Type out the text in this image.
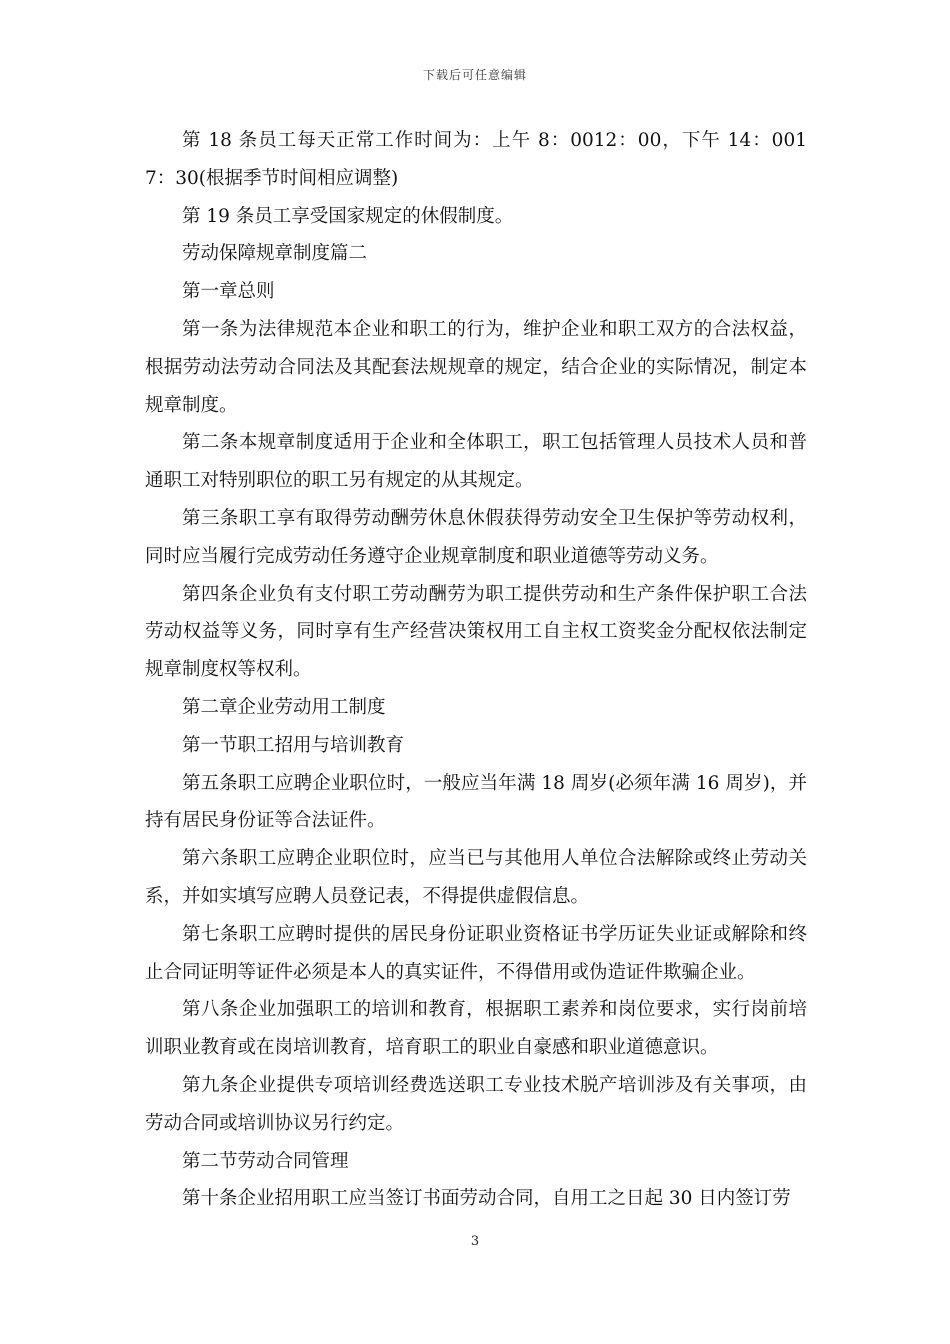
下载后可任意编辑

第 18 条员工每天正常工作时间为：上午 8：0012：00，下午 14：0017：30(根据季节时间相应调整)

第 19 条员工享受国家规定的休假制度。

劳动保障规章制度篇二

第一章总则

第一条为法律规范本企业和职工的行为，维护企业和职工双方的合法权益，根据劳动法劳动合同法及其配套法规规章的规定，结合企业的实际情况，制定本规章制度。

第二条本规章制度适用于企业和全体职工，职工包括管理人员技术人员和普通职工对特别职位的职工另有规定的从其规定。

第三条职工享有取得劳动酬劳休息休假获得劳动安全卫生保护等劳动权利，同时应当履行完成劳动任务遵守企业规章制度和职业道德等劳动义务。

第四条企业负有支付职工劳动酬劳为职工提供劳动和生产条件保护职工合法劳动权益等义务，同时享有生产经营决策权用工自主权工资奖金分配权依法制定规章制度权等权利。

第二章企业劳动用工制度

第一节职工招用与培训教育

第五条职工应聘企业职位时，一般应当年满 18 周岁(必须年满 16 周岁)，并持有居民身份证等合法证件。

第六条职工应聘企业职位时，应当已与其他用人单位合法解除或终止劳动关系，并如实填写应聘人员登记表，不得提供虚假信息。

第七条职工应聘时提供的居民身份证职业资格证书学历证失业证或解除和终止合同证明等证件必须是本人的真实证件，不得借用或伪造证件欺骗企业。

第八条企业加强职工的培训和教育，根据职工素养和岗位要求，实行岗前培训职业教育或在岗培训教育，培育职工的职业自豪感和职业道德意识。

第九条企业提供专项培训经费选送职工专业技术脱产培训涉及有关事项，由劳动合同或培训协议另行约定。

第二节劳动合同管理

第十条企业招用职工应当签订书面劳动合同，自用工之日起 30 日内签订劳

3
